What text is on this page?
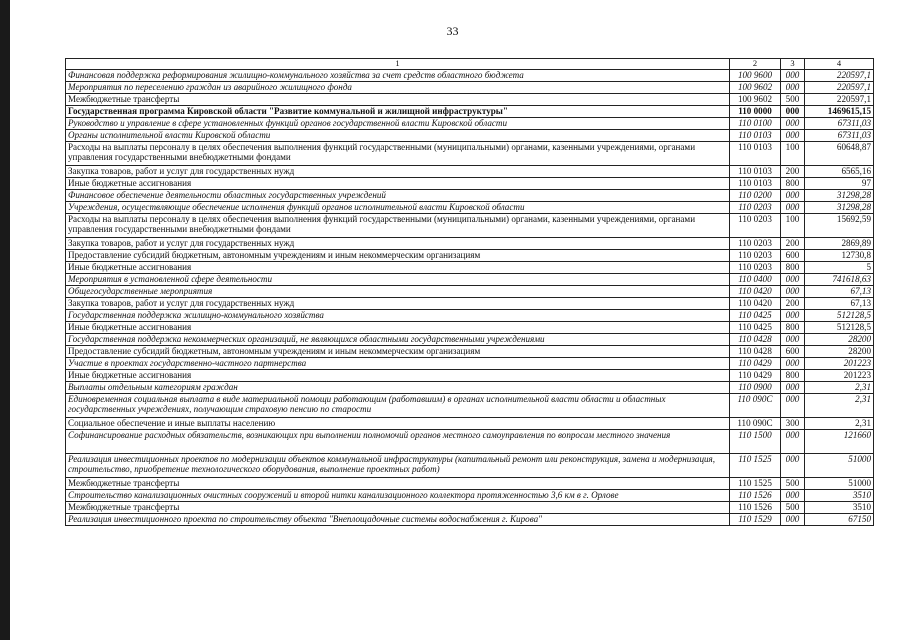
33
1	2	3	4
Финансовая поддержка реформирования жилищно-коммунального хозяйства за счет средств областного бюджета	100 9600	000	220597,1
Мероприятия по переселению граждан из аварийного жилищного фонда	100 9602	000	220597,1
Межбюджетные трансферты	100 9602	500	220597,1
Государственная программа Кировской области "Развитие коммунальной и жилищной инфраструктуры"	110 0000	000	1469615,15
Руководство и управление в сфере установленных функций органов государственной власти Кировской области	110 0100	000	67311,03
Органы исполнительной власти Кировской области	110 0103	000	67311,03
Расходы на выплаты персоналу в целях обеспечения выполнения функций государственными (муниципальными) органами, казенными учреждениями, органами управления государственными внебюджетными фондами	110 0103	100	60648,87
Закупка товаров, работ и услуг для государственных нужд	110 0103	200	6565,16
Иные бюджетные ассигнования	110 0103	800	97
Финансовое обеспечение деятельности областных государственных учреждений	110 0200	000	31298,28
Учреждения, осуществляющие обеспечение исполнения функций органов исполнительной власти Кировской области	110 0203	000	31298,28
Расходы на выплаты персоналу в целях обеспечения выполнения функций государственными (муниципальными) органами, казенными учреждениями, органами управления государственными внебюджетными фондами	110 0203	100	15692,59
Закупка товаров, работ и услуг для государственных нужд	110 0203	200	2869,89
Предоставление субсидий бюджетным, автономным учреждениям и иным некоммерческим организациям	110 0203	600	12730,8
Иные бюджетные ассигнования	110 0203	800	5
Мероприятия в установленной сфере деятельности	110 0400	000	741618,63
Общегосударственные мероприятия	110 0420	000	67,13
Закупка товаров, работ и услуг для государственных нужд	110 0420	200	67,13
Государственная поддержка жилищно-коммунального хозяйства	110 0425	000	512128,5
Иные бюджетные ассигнования	110 0425	800	512128,5
Государственная поддержка некоммерческих организаций, не являющихся областными государственными учреждениями	110 0428	000	28200
Предоставление субсидий бюджетным, автономным учреждениям и иным некоммерческим организациям	110 0428	600	28200
Участие в проектах государственно-частного партнерства	110 0429	000	201223
Иные бюджетные ассигнования	110 0429	800	201223
Выплаты отдельным категориям граждан	110 0900	000	2,31
Единовременная социальная выплата в виде материальной помощи работающим (работавшим) в органах исполнительной власти области и областных государственных учреждениях, получающим страховую пенсию по старости	110 090С	000	2,31
Социальное обеспечение и иные выплаты населению	110 090С	300	2,31
Софинансирование расходных обязательств, возникающих при выполнении полномочий органов местного самоуправления по вопросам местного значения	110 1500	000	121660
Реализация инвестиционных проектов по модернизации объектов коммунальной инфраструктуры (капитальный ремонт или реконструкция, замена и модернизация, строительство, приобретение технологического оборудования, выполнение проектных работ)	110 1525	000	51000
Межбюджетные трансферты	110 1525	500	51000
Строительство канализационных очистных сооружений и второй нитки канализационного коллектора протяженностью 3,6 км в г. Орлове	110 1526	000	3510
Межбюджетные трансферты	110 1526	500	3510
Реализация инвестиционного проекта по строительству объекта "Внеплощадочные системы водоснабжения г. Кирова"	110 1529	000	67150
